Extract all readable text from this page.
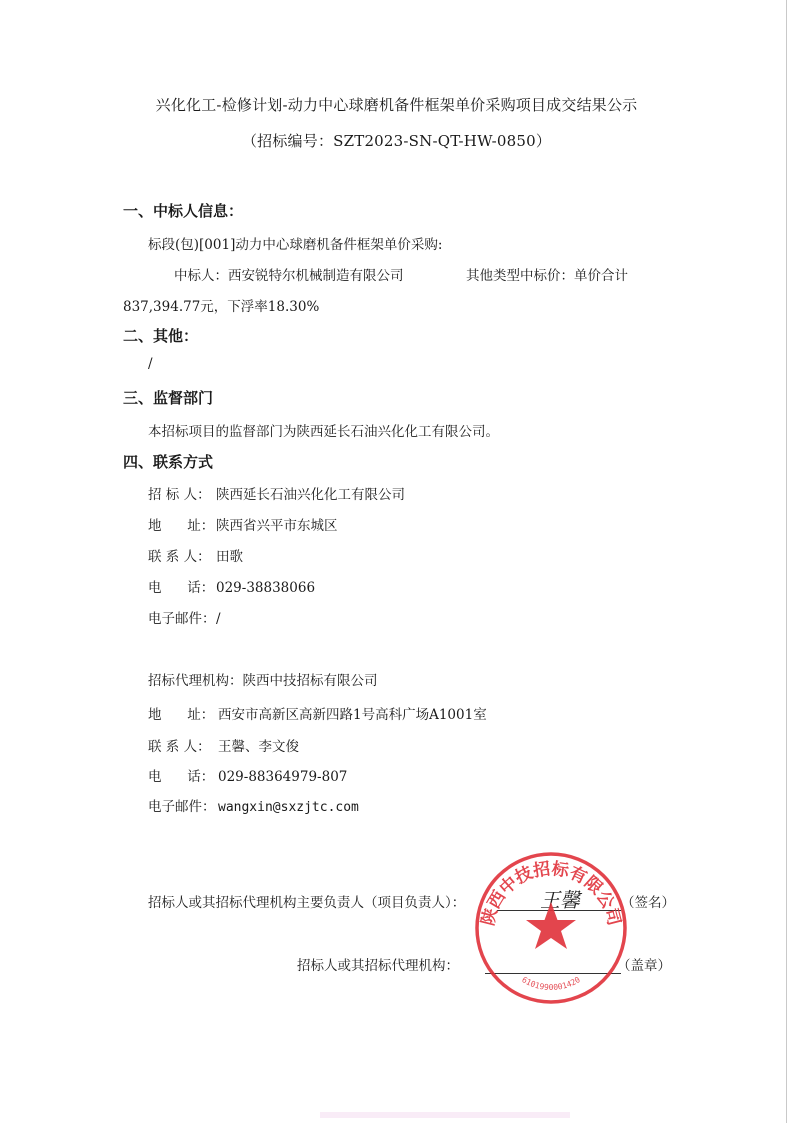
兴化化工-检修计划-动力中心球磨机备件框架单价采购项目成交结果公示
（招标编号：SZT2023-SN-QT-HW-0850）
一、中标人信息：
标段(包)[001]动力中心球磨机备件框架单价采购:
中标人：西安锐特尔机械制造有限公司	其他类型中标价：单价合计
837,394.77元，下浮率18.30%
二、其他：
/
三、监督部门
本招标项目的监督部门为陕西延长石油兴化化工有限公司。
四、联系方式
招 标 人： 陕西延长石油兴化化工有限公司
地      址： 陕西省兴平市东城区
联 系 人： 田歌
电      话： 029-38838066
电子邮件：/
招标代理机构：陕西中技招标有限公司
地      址： 西安市高新区高新四路1号高科广场A1001室
联 系 人： 王馨、李文俊
电      话： 029-88364979-807
电子邮件： wangxin@sxzjtc.com
招标人或其招标代理机构主要负责人（项目负责人）：	王馨	（签名）
招标人或其招标代理机构：	（盖章）
陕西中技招标有限公司
6101990001420
